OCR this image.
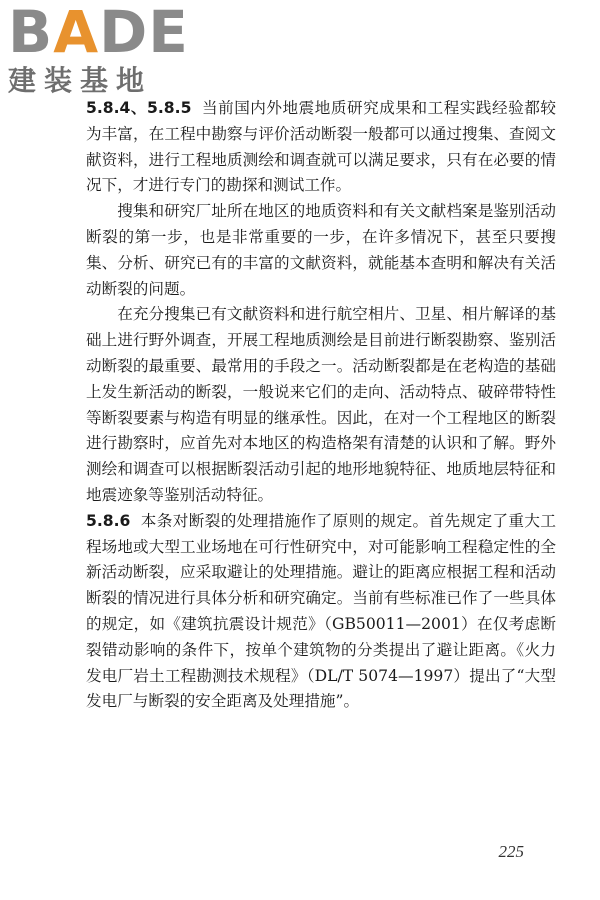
BADE
建装基地

5.8.4、5.8.5 当前国内外地震地质研究成果和工程实践经验都较为丰富，在工程中勘察与评价活动断裂一般都可以通过搜集、查阅文献资料，进行工程地质测绘和调查就可以满足要求，只有在必要的情况下，才进行专门的勘探和测试工作。

搜集和研究厂址所在地区的地质资料和有关文献档案是鉴别活动断裂的第一步，也是非常重要的一步，在许多情况下，甚至只要搜集、分析、研究已有的丰富的文献资料，就能基本查明和解决有关活动断裂的问题。

在充分搜集已有文献资料和进行航空相片、卫星、相片解译的基础上进行野外调查，开展工程地质测绘是目前进行断裂勘察、鉴别活动断裂的最重要、最常用的手段之一。活动断裂都是在老构造的基础上发生新活动的断裂，一般说来它们的走向、活动特点、破碎带特性等断裂要素与构造有明显的继承性。因此，在对一个工程地区的断裂进行勘察时，应首先对本地区的构造格架有清楚的认识和了解。野外测绘和调查可以根据断裂活动引起的地形地貌特征、地质地层特征和地震迹象等鉴别活动特征。

5.8.6 本条对断裂的处理措施作了原则的规定。首先规定了重大工程场地或大型工业场地在可行性研究中，对可能影响工程稳定性的全新活动断裂，应采取避让的处理措施。避让的距离应根据工程和活动断裂的情况进行具体分析和研究确定。当前有些标准已作了一些具体的规定，如《建筑抗震设计规范》（GB50011—2001）在仅考虑断裂错动影响的条件下，按单个建筑物的分类提出了避让距离。《火力发电厂岩土工程勘测技术规程》（DL/T 5074—1997）提出了“大型发电厂与断裂的安全距离及处理措施”。

225
